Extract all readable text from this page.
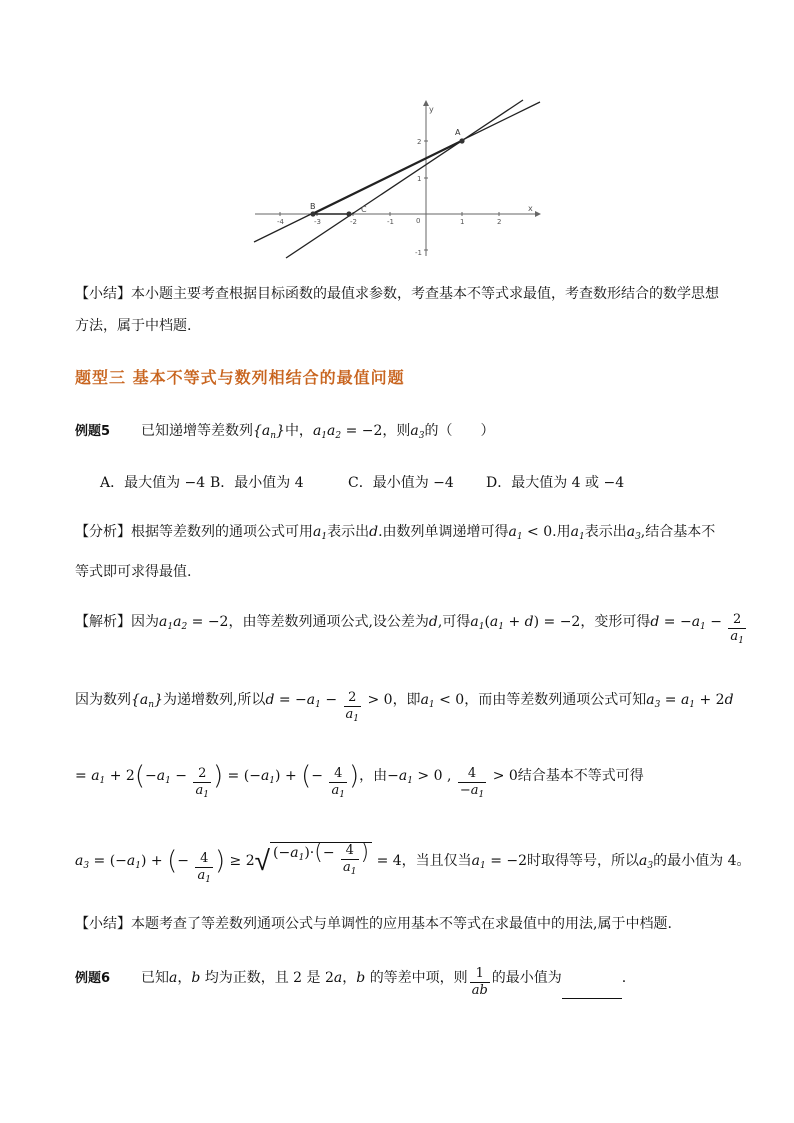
x
y
0
-4	-3	-2	-1	1	2
2
1
-1
A
B	C
【小结】本小题主要考查根据目标函数的最值求参数，考查基本不等式求最值，考查数形结合的数学思想
方法，属于中档题.
题型三 基本不等式与数列相结合的最值问题
例题5 已知递增等差数列$\{a_n\}$中，$a_1a_2 = -2$，则$a_3$的（　　）
A．最大值为 −4 B．最小值为 4	C．最小值为 −4 D．最大值为 4 或 −4
【分析】根据等差数列的通项公式可用$a_1$表示出d.由数列单调递增可得$a_1 < 0$.用$a_1$表示出$a_3$,结合基本不
等式即可求得最值.
【解析】因为$a_1a_2 = -2$，由等差数列通项公式,设公差为d,可得$a_1(a_1 + d) = -2$，变形可得$d = -a_1 - \frac{2}{a_1}$
因为数列$\{a_n\}$为递增数列,所以$d = -a_1 - \frac{2}{a_1} > 0$，即$a_1 < 0$，而由等差数列通项公式可知$a_3 = a_1 + 2d$
= $a_1 + 2(-a_1 - \frac{2}{a_1}$ ) = $(-a_1)$ + (− $\frac{4}{a_1}$ )，由$-a_1 > 0$ , $\frac{4}{-a_1} > 0$结合基本不等式可得
$a_3 = (-a_1)$ + (− $\frac{4}{a_1}$ ) ≥ 2√ $(-a_1)\cdot(- \frac{4}{a_1}$ ) = 4，当且仅当$a_1 = -2$时取得等号，所以$a_3$的最小值为 4。
【小结】本题考查了等差数列通项公式与单调性的应用基本不等式在求最值中的用法,属于中档题.
例题6 已知a，b 均为正数，且 2 是 2a，b 的等差中项，则 $\frac{1}{ab}$ 的最小值为	.
